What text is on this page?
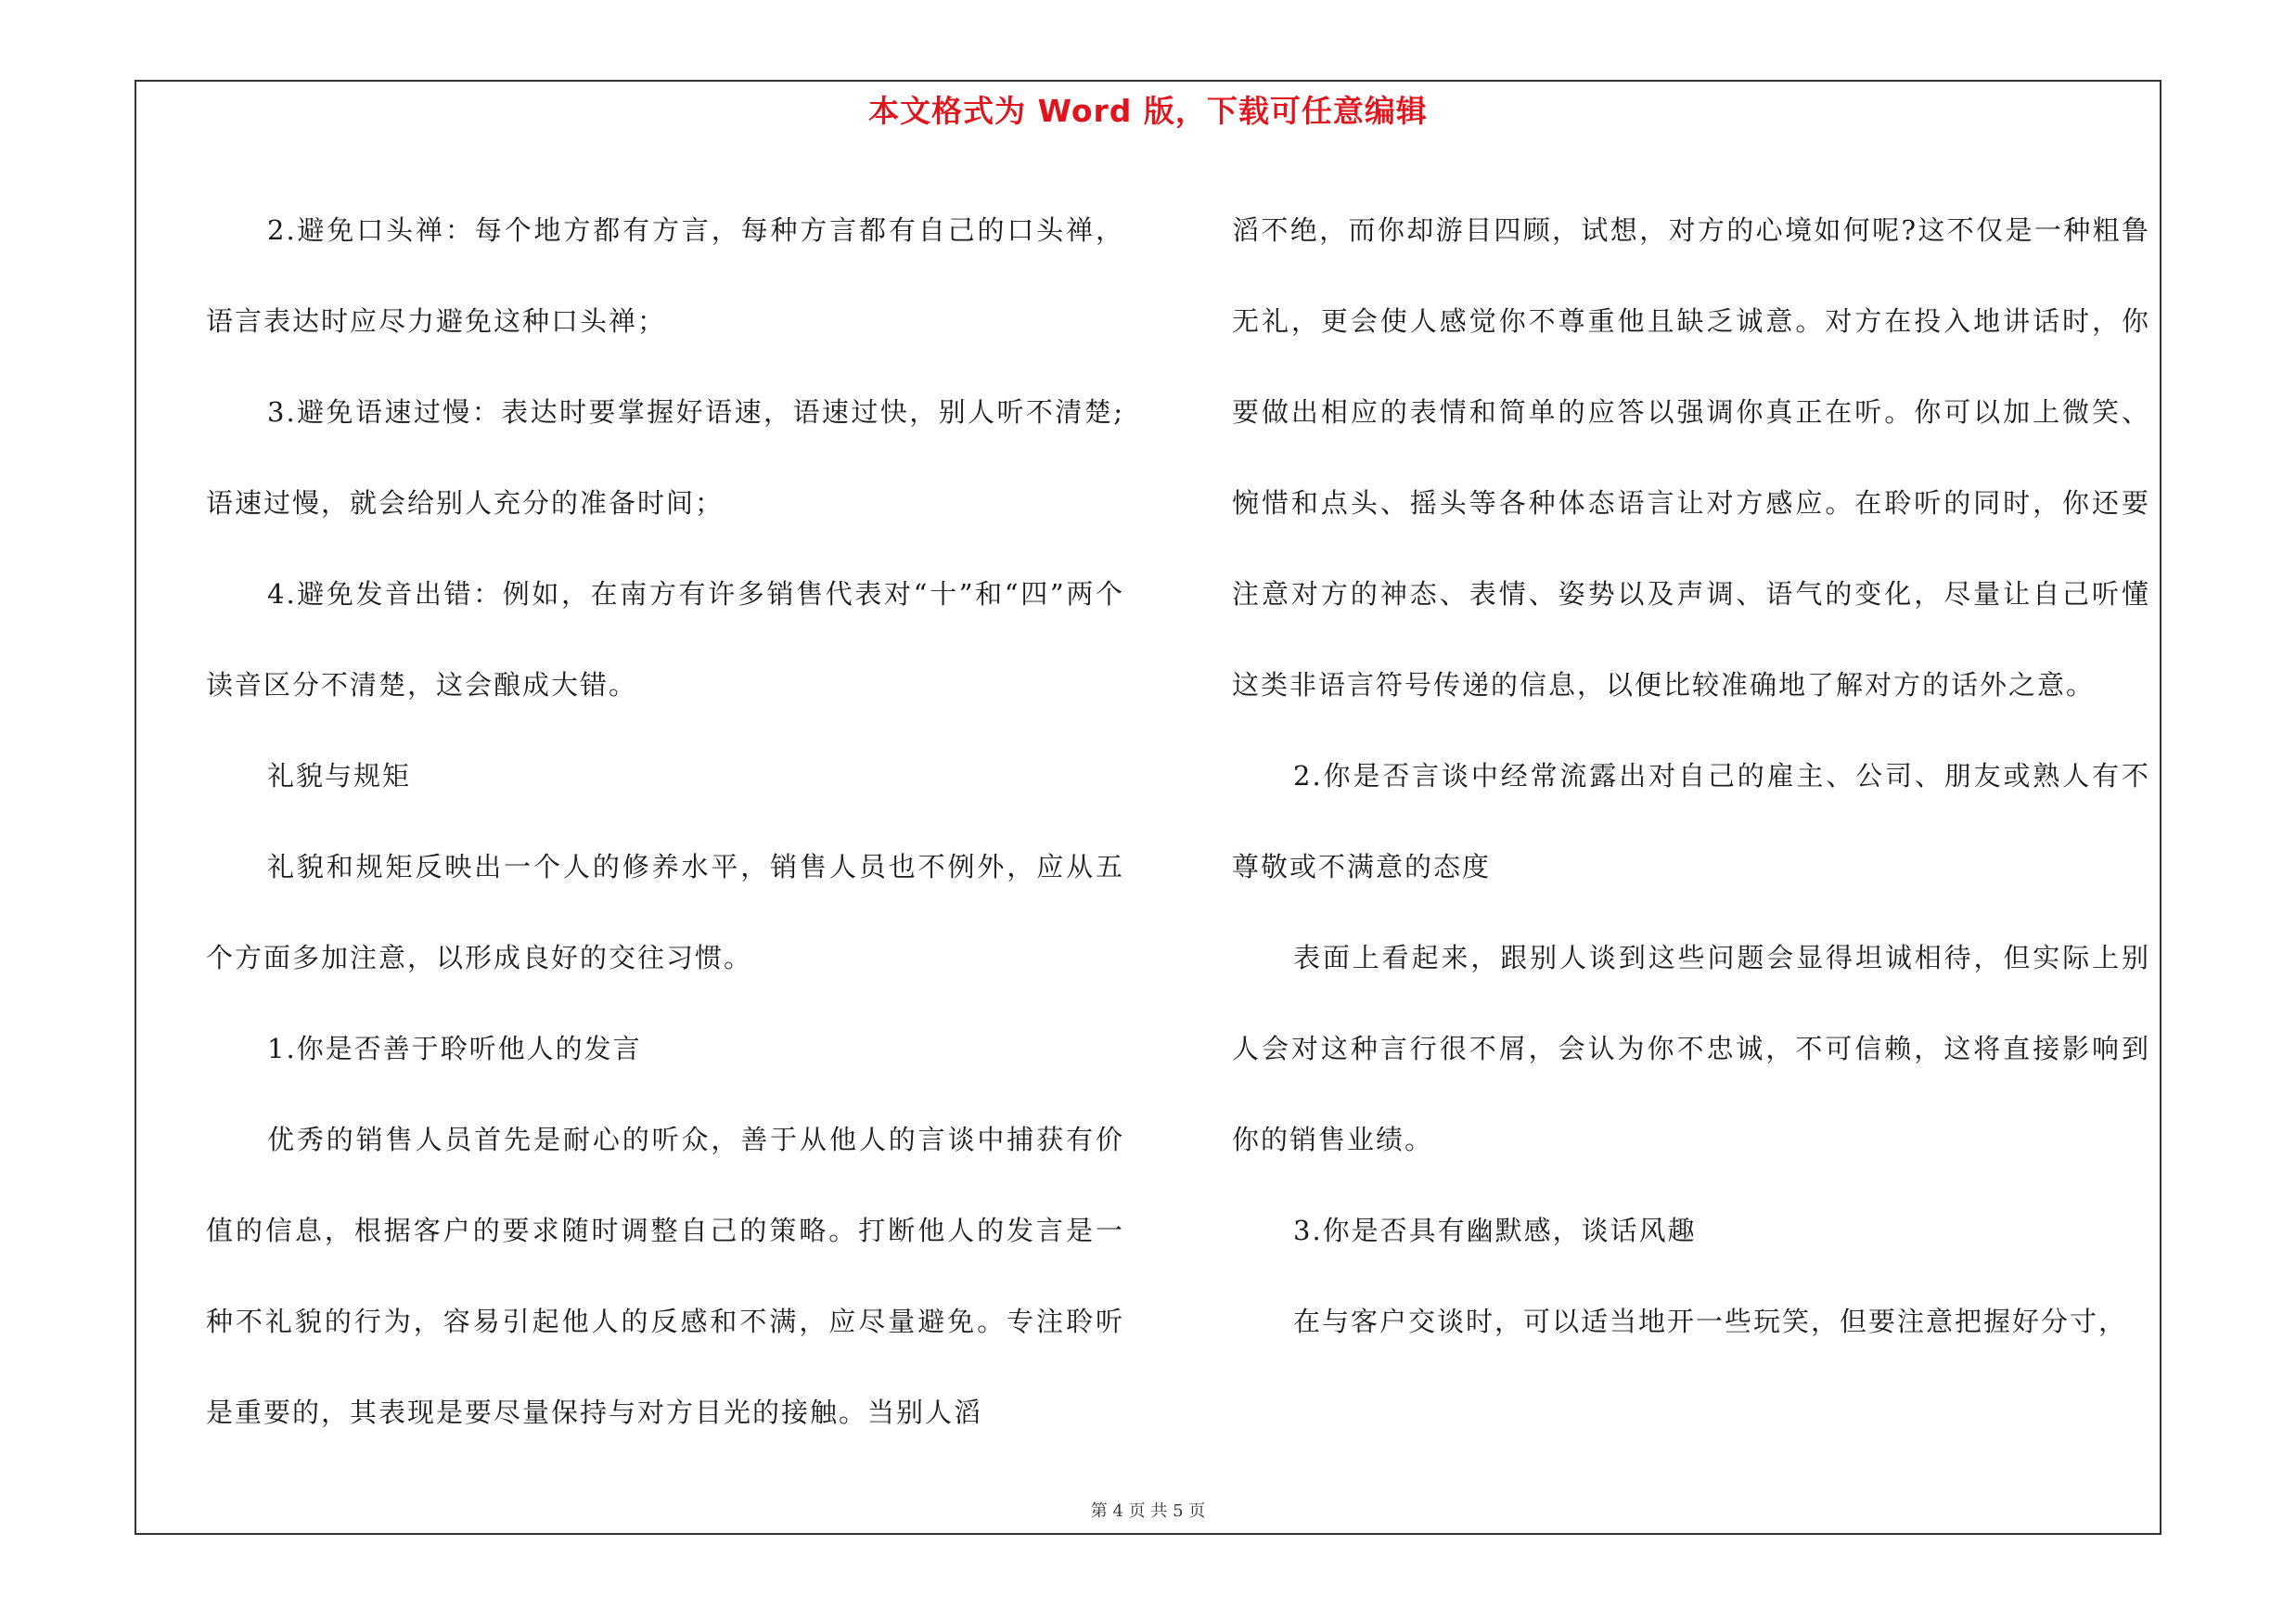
本文格式为 Word 版，下载可任意编辑

2.避免口头禅：每个地方都有方言，每种方言都有自己的口头禅，语言表达时应尽力避免这种口头禅；

3.避免语速过慢：表达时要掌握好语速，语速过快，别人听不清楚;语速过慢，就会给别人充分的准备时间；

4.避免发音出错：例如，在南方有许多销售代表对“十”和“四”两个读音区分不清楚，这会酿成大错。

礼貌与规矩

礼貌和规矩反映出一个人的修养水平，销售人员也不例外，应从五个方面多加注意，以形成良好的交往习惯。

1.你是否善于聆听他人的发言

优秀的销售人员首先是耐心的听众，善于从他人的言谈中捕获有价值的信息，根据客户的要求随时调整自己的策略。打断他人的发言是一种不礼貌的行为，容易引起他人的反感和不满，应尽量避免。专注聆听是重要的，其表现是要尽量保持与对方目光的接触。当别人滔

滔不绝，而你却游目四顾，试想，对方的心境如何呢?这不仅是一种粗鲁无礼，更会使人感觉你不尊重他且缺乏诚意。对方在投入地讲话时，你要做出相应的表情和简单的应答以强调你真正在听。你可以加上微笑、惋惜和点头、摇头等各种体态语言让对方感应。在聆听的同时，你还要注意对方的神态、表情、姿势以及声调、语气的变化，尽量让自己听懂这类非语言符号传递的信息，以便比较准确地了解对方的话外之意。

2.你是否言谈中经常流露出对自己的雇主、公司、朋友或熟人有不尊敬或不满意的态度

表面上看起来，跟别人谈到这些问题会显得坦诚相待，但实际上别人会对这种言行很不屑，会认为你不忠诚，不可信赖，这将直接影响到你的销售业绩。

3.你是否具有幽默感，谈话风趣

在与客户交谈时，可以适当地开一些玩笑，但要注意把握好分寸，

第 4 页 共 5 页
